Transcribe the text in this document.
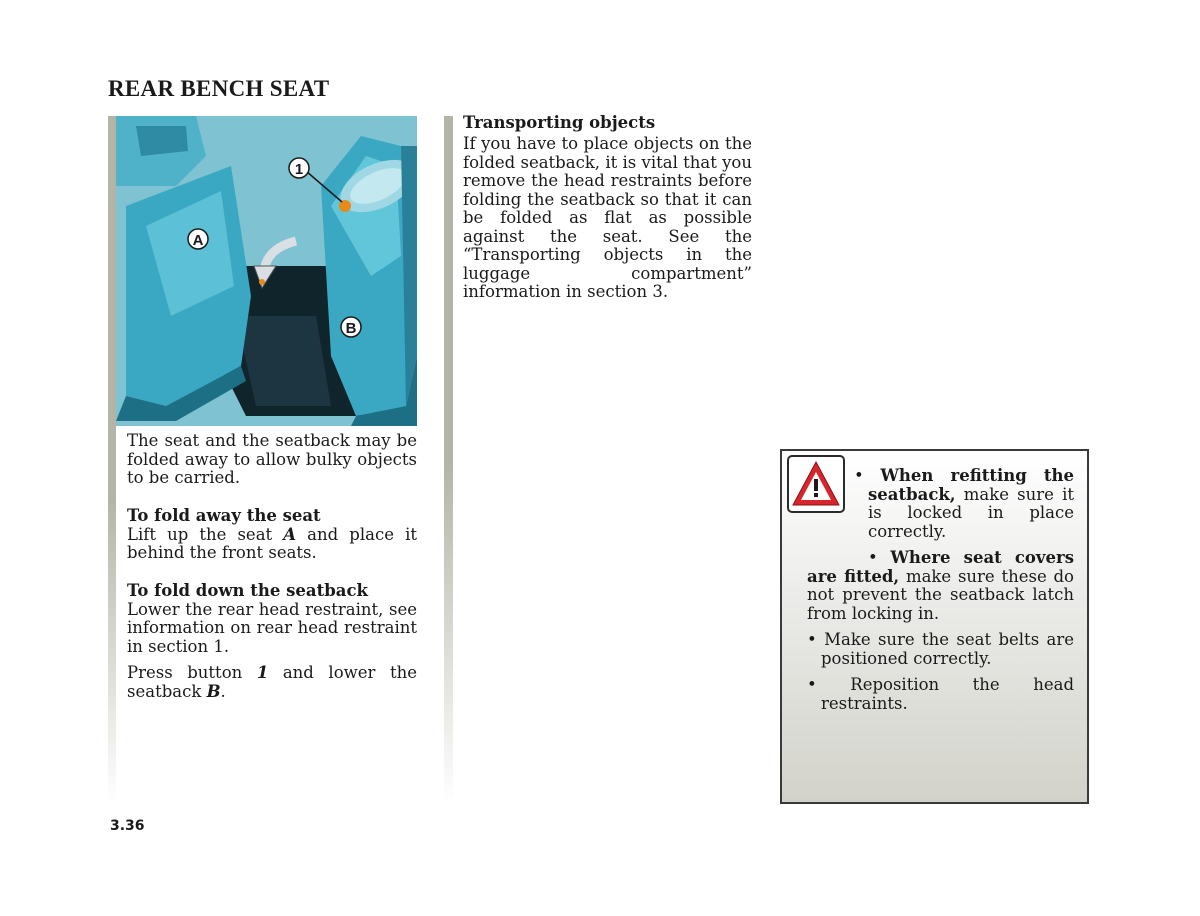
REAR BENCH SEAT
1
A
B

The seat and the seatback may be folded away to allow bulky objects to be carried.

To fold away the seat

Lift up the seat A and place it behind the front seats.

To fold down the seatback

Lower the rear head restraint, see information on rear head restraint in section 1.

Press button 1 and lower the seatback B.

Transporting objects

If you have to place objects on the folded seatback, it is vital that you remove the head restraints before folding the seatback so that it can be folded as flat as possible against the seat. See the “Transporting objects in the luggage compartment” information in section 3.

• When refitting the seatback, make sure it is locked in place correctly.
• Where seat covers are fitted, make sure these do not prevent the seatback latch from locking in.
• Make sure the seat belts are positioned correctly.
• Reposition the head restraints.
3.36
